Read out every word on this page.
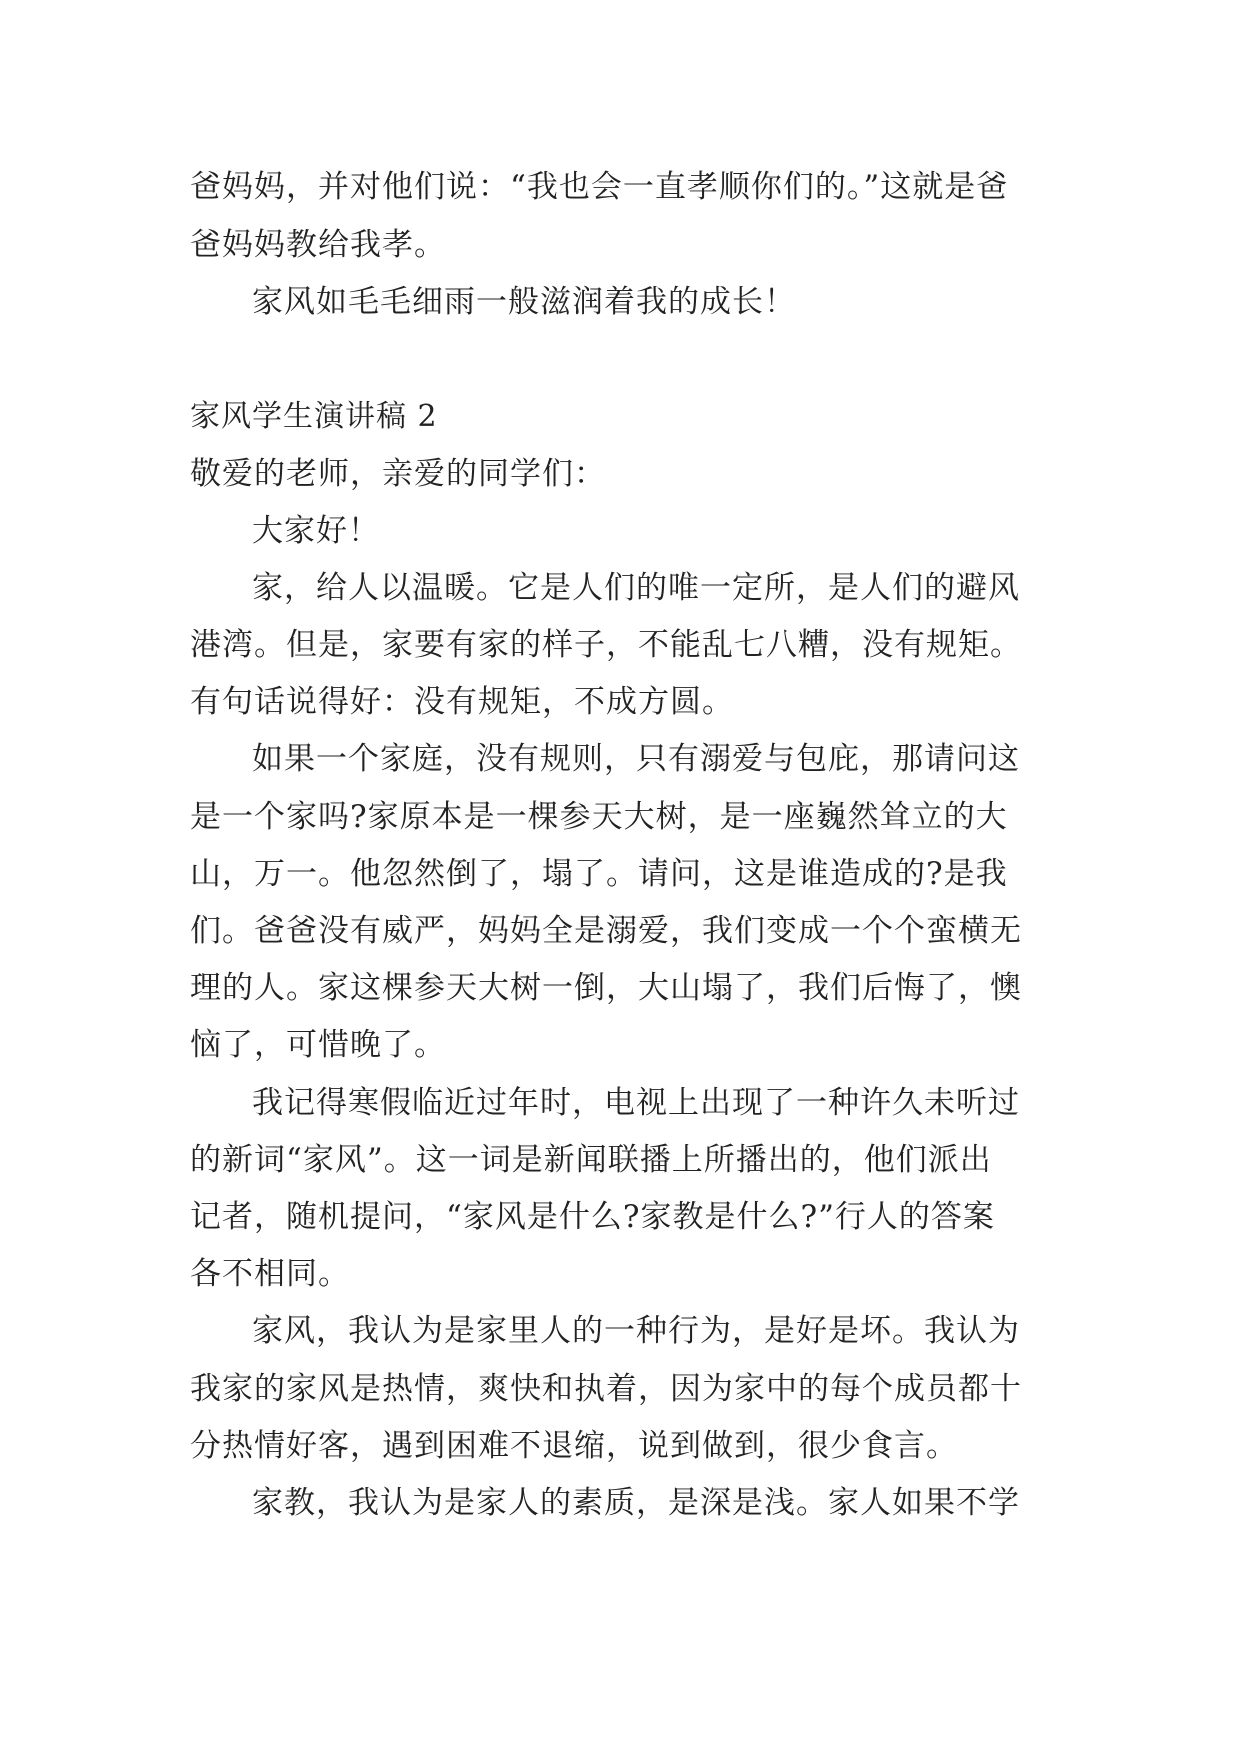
爸妈妈，并对他们说：“我也会一直孝顺你们的。”这就是爸
爸妈妈教给我孝。
家风如毛毛细雨一般滋润着我的成长！
家风学生演讲稿 2
敬爱的老师，亲爱的同学们：
大家好！
家，给人以温暖。它是人们的唯一定所，是人们的避风
港湾。但是，家要有家的样子，不能乱七八糟，没有规矩。
有句话说得好：没有规矩，不成方圆。
如果一个家庭，没有规则，只有溺爱与包庇，那请问这
是一个家吗?家原本是一棵参天大树，是一座巍然耸立的大
山，万一。他忽然倒了，塌了。请问，这是谁造成的?是我
们。爸爸没有威严，妈妈全是溺爱，我们变成一个个蛮横无
理的人。家这棵参天大树一倒，大山塌了，我们后悔了，懊
恼了，可惜晚了。
我记得寒假临近过年时，电视上出现了一种许久未听过
的新词“家风”。这一词是新闻联播上所播出的，他们派出
记者，随机提问，“家风是什么?家教是什么?”行人的答案
各不相同。
家风，我认为是家里人的一种行为，是好是坏。我认为
我家的家风是热情，爽快和执着，因为家中的每个成员都十
分热情好客，遇到困难不退缩，说到做到，很少食言。
家教，我认为是家人的素质，是深是浅。家人如果不学
